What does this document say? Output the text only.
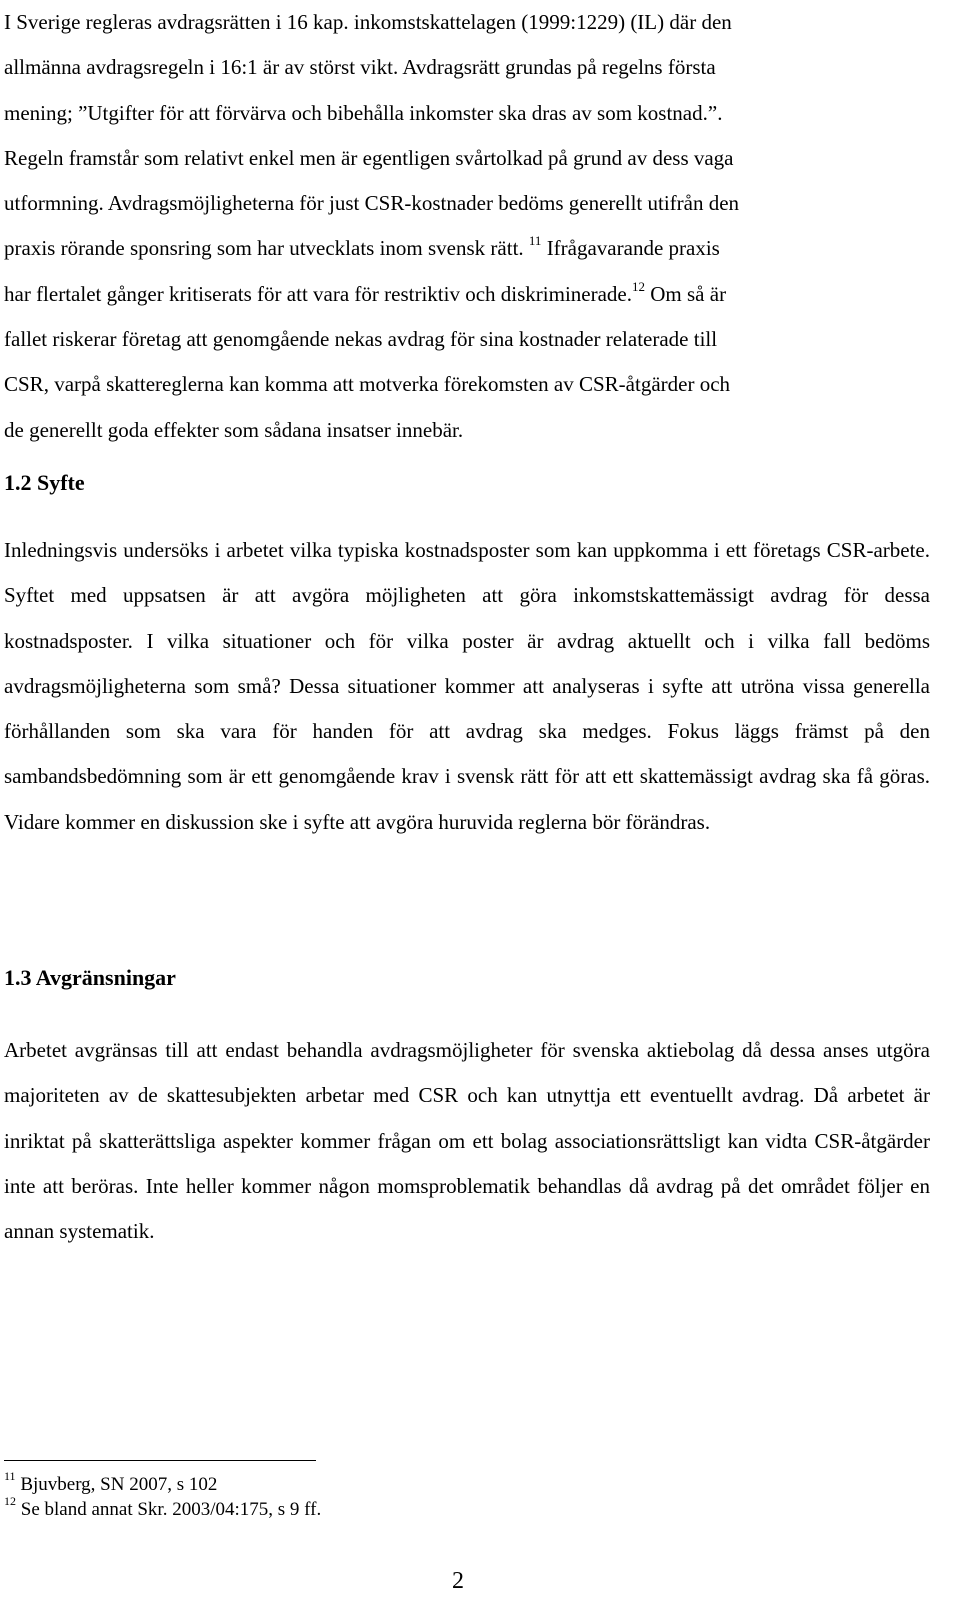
I Sverige regleras avdragsrätten i 16 kap. inkomstskattelagen (1999:1229) (IL) där den
allmänna avdragsregeln i 16:1 är av störst vikt. Avdragsrätt grundas på regelns första
mening; ”Utgifter för att förvärva och bibehålla inkomster ska dras av som kostnad.”.
Regeln framstår som relativt enkel men är egentligen svårtolkad på grund av dess vaga
utformning. Avdragsmöjligheterna för just CSR-kostnader bedöms generellt utifrån den
praxis rörande sponsring som har utvecklats inom svensk rätt. $^{11}$ Ifrågavarande praxis
har flertalet gånger kritiserats för att vara för restriktiv och diskriminerade.$^{12}$ Om så är
fallet riskerar företag att genomgående nekas avdrag för sina kostnader relaterade till
CSR, varpå skattereglerna kan komma att motverka förekomsten av CSR-åtgärder och
de generellt goda effekter som sådana insatser innebär.
1.2 Syfte

Inledningsvis undersöks i arbetet vilka typiska kostnadsposter som kan uppkomma i ett företags CSR-arbete. Syftet med uppsatsen är att avgöra möjligheten att göra inkomstskattemässigt avdrag för dessa kostnadsposter. I vilka situationer och för vilka poster är avdrag aktuellt och i vilka fall bedöms avdragsmöjligheterna som små? Dessa situationer kommer att analyseras i syfte att utröna vissa generella förhållanden som ska vara för handen för att avdrag ska medges. Fokus läggs främst på den sambandsbedömning som är ett genomgående krav i svensk rätt för att ett skattemässigt avdrag ska få göras. Vidare kommer en diskussion ske i syfte att avgöra huruvida reglerna bör förändras.

1.3 Avgränsningar

Arbetet avgränsas till att endast behandla avdragsmöjligheter för svenska aktiebolag då dessa anses utgöra majoriteten av de skattesubjekten arbetar med CSR och kan utnyttja ett eventuellt avdrag. Då arbetet är inriktat på skatterättsliga aspekter kommer frågan om ett bolag associationsrättsligt kan vidta CSR-åtgärder inte att beröras. Inte heller kommer någon momsproblematik behandlas då avdrag på det området följer en annan systematik.

$^{11}$ Bjuvberg, SN 2007, s 102
$^{12}$ Se bland annat Skr. 2003/04:175, s 9 ff.
2
